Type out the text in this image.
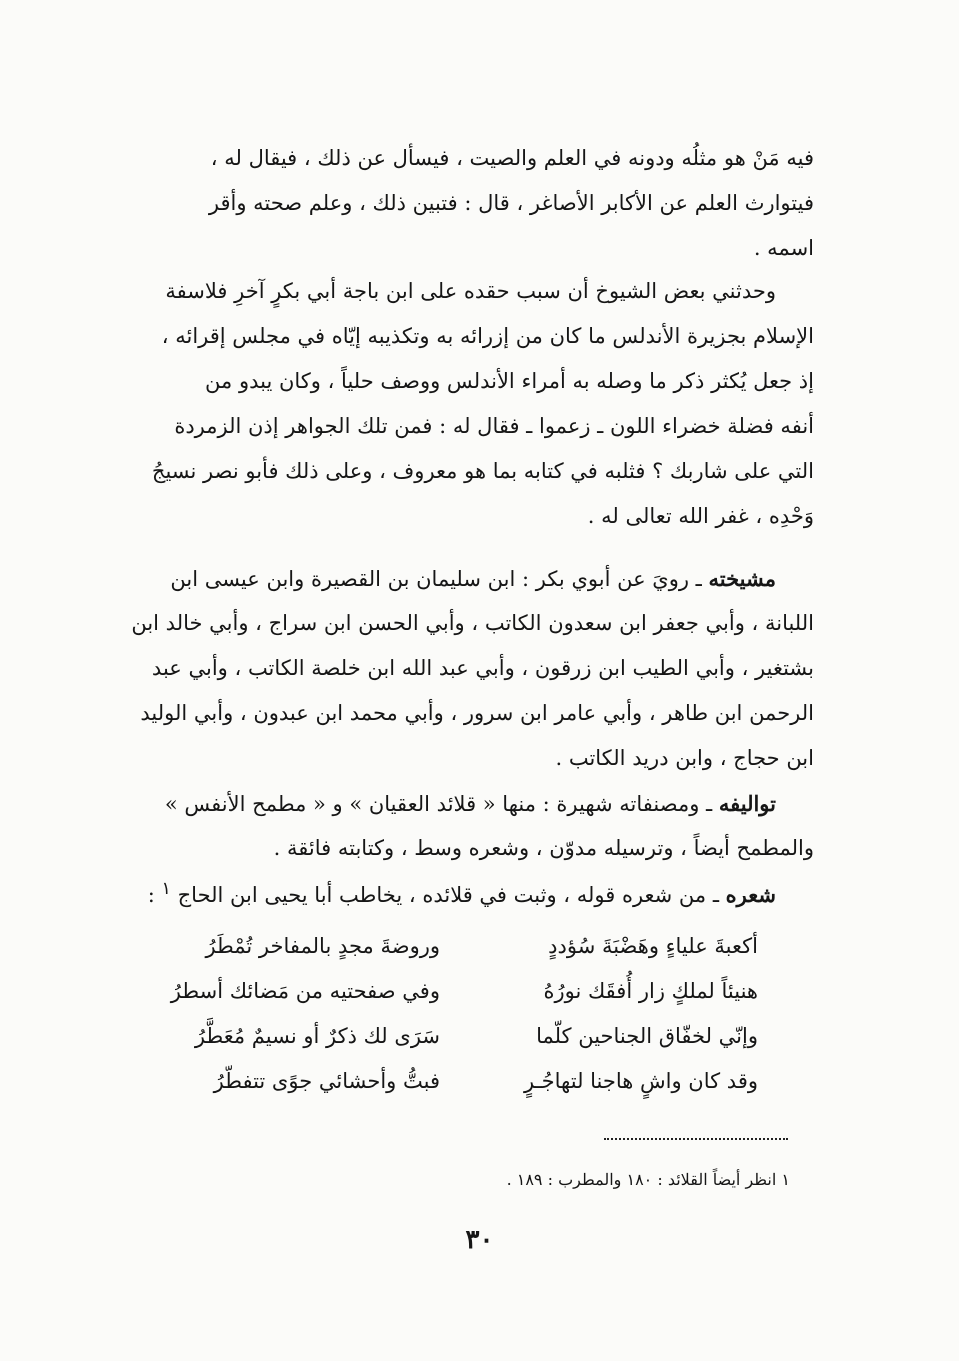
فيه مَنْ هو مثلُه ودونه في العلم والصيت ، فيسأل عن ذلك ، فيقال له ،
فيتوارث العلم عن الأكابر الأصاغر ، قال : فتبين ذلك ، وعلم صحته وأقر
اسمه .
وحدثني بعض الشيوخ أن سبب حقده على ابن باجة أبي بكرٍ آخرِ فلاسفة
الإسلام بجزيرة الأندلس ما كان من إزرائه به وتكذيبه إيّاه في مجلس إقرائه ،
إذ جعل يُكثر ذكر ما وصله به أمراء الأندلس ووصف حلياً ، وكان يبدو من
أنفه فضلة خضراء اللون ـ زعموا ـ فقال له : فمن تلك الجواهر إذن الزمردة
التي على شاربك ؟ فثلبه في كتابه بما هو معروف ، وعلى ذلك فأبو نصر نسيجُ
وَحْدِه ، غفر الله تعالى له .
مشيخته ـ رويَ عن أبوي بكر : ابن سليمان بن القصيرة وابن عيسى ابن
اللبانة ، وأبي جعفر ابن سعدون الكاتب ، وأبي الحسن ابن سراج ، وأبي خالد ابن
بشتغير ، وأبي الطيب ابن زرقون ، وأبي عبد الله ابن خلصة الكاتب ، وأبي عبد
الرحمن ابن طاهر ، وأبي عامر ابن سرور ، وأبي محمد ابن عبدون ، وأبي الوليد
ابن حجاج ، وابن دريد الكاتب .
تواليفه ـ ومصنفاته شهيرة : منها « قلائد العقيان » و « مطمح الأنفس »
والمطمح أيضاً ، وترسيله مدوّن ، وشعره وسط ، وكتابته فائقة .
شعره ـ من شعره قوله ، وثبت في قلائده ، يخاطب أبا يحيى ابن الحاج $^١$ :
أكعبةَ علياءٍ وهَضْبَةَ سُؤددٍ
وروضةَ مجدٍ بالمفاخر تُمْطَرُ
هنيئاً لملكٍ زار أُفقَك نورُهُ
وفي صفحتيه من مَضائك أسطرُ
وإنّي لخفّاق الجناحين كلّما
سَرَى لك ذكرٌ أو نسيمٌ مُعَطَّرُ
وقد كان واشٍ هاجنا لتهاجُـرٍ
فبتُّ وأحشائي جوًى تتفطّرُ
١ انظر أيضاً القلائد : ١٨٠ والمطرب : ١٨٩ .
٣٠
